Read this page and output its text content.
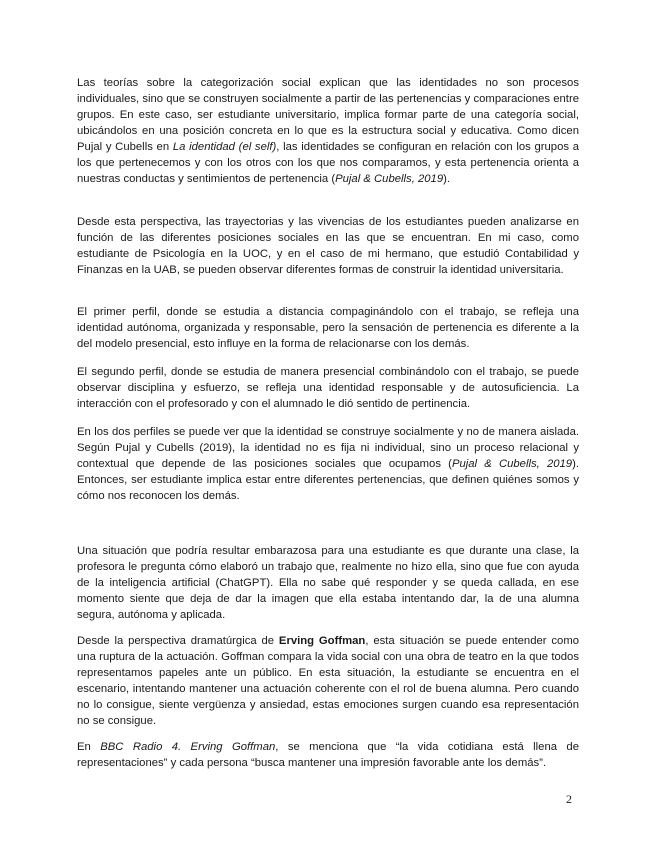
Las teorías sobre la categorización social explican que las identidades no son procesos individuales, sino que se construyen socialmente a partir de las pertenencias y comparaciones entre grupos. En este caso, ser estudiante universitario, implica formar parte de una categoría social, ubicándolos en una posición concreta en lo que es la estructura social y educativa. Como dicen Pujal y Cubells en La identidad (el self), las identidades se configuran en relación con los grupos a los que pertenecemos y con los otros con los que nos comparamos, y esta pertenencia orienta a nuestras conductas y sentimientos de pertenencia (Pujal & Cubells, 2019).

Desde esta perspectiva, las trayectorias y las vivencias de los estudiantes pueden analizarse en función de las diferentes posiciones sociales en las que se encuentran. En mi caso, como estudiante de Psicología en la UOC, y en el caso de mi hermano, que estudió Contabilidad y Finanzas en la UAB, se pueden observar diferentes formas de construir la identidad universitaria.

El primer perfil, donde se estudia a distancia compaginándolo con el trabajo, se refleja una identidad autónoma, organizada y responsable, pero la sensación de pertenencia es diferente a la del modelo presencial, esto influye en la forma de relacionarse con los demás.

El segundo perfil, donde se estudia de manera presencial combinándolo con el trabajo, se puede observar disciplina y esfuerzo, se refleja una identidad responsable y de autosuficiencia. La interacción con el profesorado y con el alumnado le dió sentido de pertinencia.

En los dos perfiles se puede ver que la identidad se construye socialmente y no de manera aislada. Según Pujal y Cubells (2019), la identidad no es fija ni individual, sino un proceso relacional y contextual que depende de las posiciones sociales que ocupamos (Pujal & Cubells, 2019). Entonces, ser estudiante implica estar entre diferentes pertenencias, que definen quiénes somos y cómo nos reconocen los demás.

Una situación que podría resultar embarazosa para una estudiante es que durante una clase, la profesora le pregunta cómo elaboró un trabajo que, realmente no hizo ella, sino que fue con ayuda de la inteligencia artificial (ChatGPT). Ella no sabe qué responder y se queda callada, en ese momento siente que deja de dar la imagen que ella estaba intentando dar, la de una alumna segura, autónoma y aplicada.

Desde la perspectiva dramatúrgica de Erving Goffman, esta situación se puede entender como una ruptura de la actuación. Goffman compara la vida social con una obra de teatro en la que todos representamos papeles ante un público. En esta situación, la estudiante se encuentra en el escenario, intentando mantener una actuación coherente con el rol de buena alumna. Pero cuando no lo consigue, siente vergüenza y ansiedad, estas emociones surgen cuando esa representación no se consigue.

En BBC Radio 4. Erving Goffman, se menciona que “la vida cotidiana está llena de representaciones” y cada persona “busca mantener una impresión favorable ante los demás”.

2
